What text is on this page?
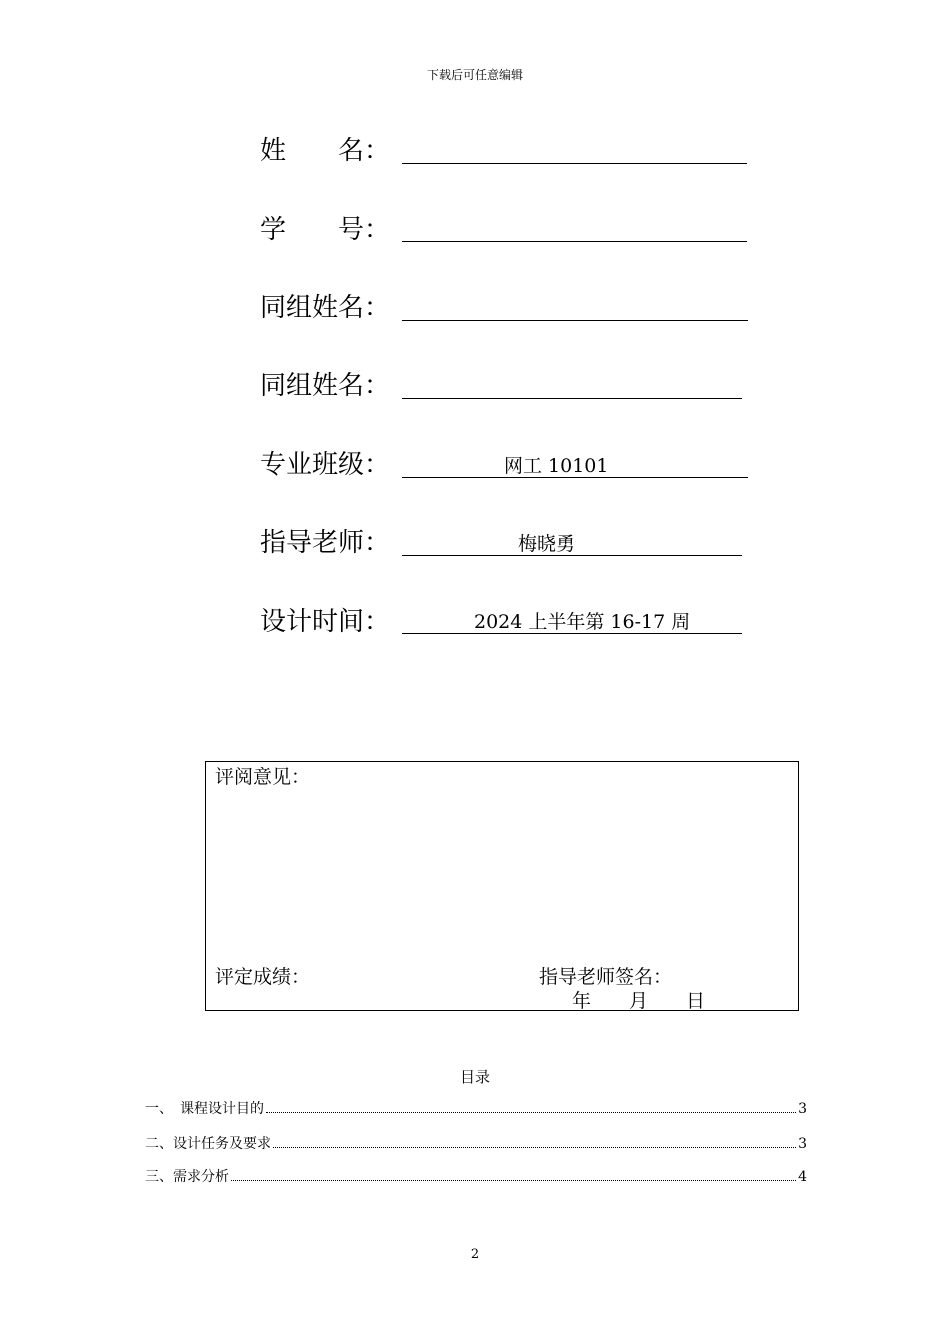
下载后可任意编辑
姓　　名：
学　　号：
同组姓名：
同组姓名：
专业班级：	网工 10101
指导老师：	梅晓勇
设计时间：	2024 上半年第 16-17 周
评阅意见：
评定成绩：	指导老师签名：
年　　月　　日
目录
一、　课程设计目的	3
二、设计任务及要求	3
三、需求分析	4
2
